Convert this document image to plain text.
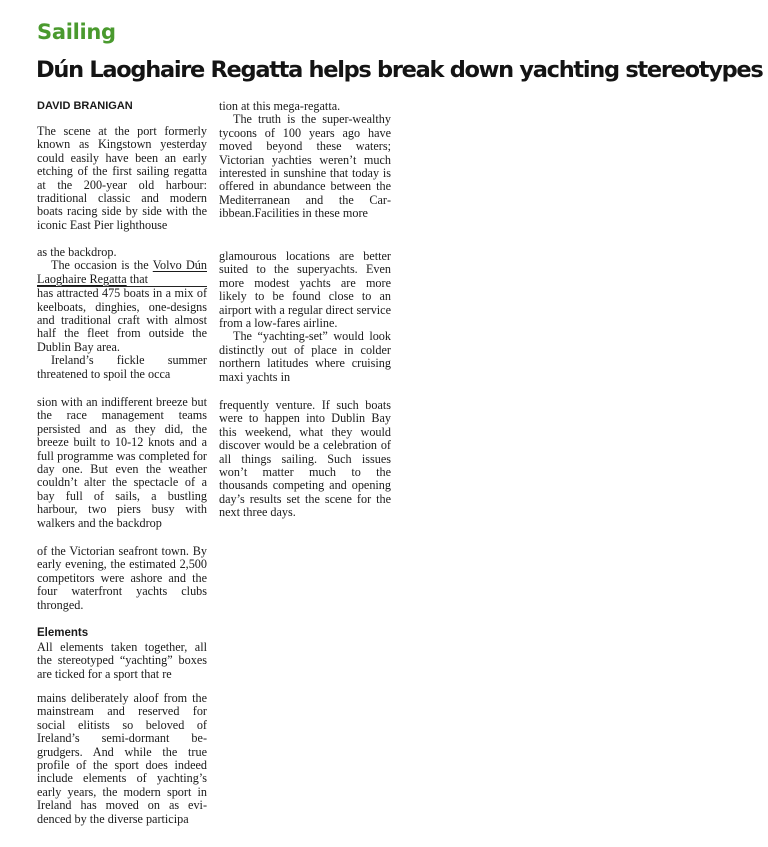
Sailing
Dún Laoghaire Regatta helps break down yachting stereotypes
DAVID BRANIGAN

The scene at the port formerly known as Kingstown yesterday could easily have been an early etching of the first sailing regatta at the 200-year old harbour: traditional classic and modern boats racing side by side with the iconic East Pier lighthouse

as the backdrop.

The occasion is the Volvo Dún Laoghaire Regatta that

has attracted 475 boats in a mix of keelboats, dinghies, one-designs and traditional craft with almost half the fleet from outside the Dublin Bay area.

Ireland’s fickle summer threatened to spoil the occa

sion with an indifferent breeze but the race management teams persisted and as they did, the breeze built to 10-12 knots and a full programme was completed for day one. But even the weather couldn’t alter the spectacle of a bay full of sails, a bustling harbour, two piers busy with walkers and the backdrop

of the Victorian seafront town. By early evening, the estimated 2,500 competitors were ashore and the four waterfront yachts clubs thronged.

Elements

All elements taken together, all the stereotyped “yachting” boxes are ticked for a sport that re

mains deliberately aloof from the mainstream and reserved for social elitists so beloved of Ireland’s semi-dormant begrudgers. And while the true profile of the sport does indeed include elements of yachting’s early years, the modern sport in Ireland has moved on as evidenced by the diverse participa

tion at this mega-regatta.

The truth is the super-wealthy tycoons of 100 years ago have moved beyond these waters; Victorian yachties weren’t much interested in sunshine that today is offered in abundance between the Mediterranean and the Caribbean.Facilities in these more

glamourous locations are better suited to the superyachts. Even more modest yachts are more likely to be found close to an airport with a regular direct service from a low-fares airline.

The “yachting-set” would look distinctly out of place in colder northern latitudes where cruising maxi yachts in

frequently venture. If such boats were to happen into Dublin Bay this weekend, what they would discover would be a celebration of all things sailing. Such issues won’t matter much to the thousands competing and opening day’s results set the scene for the next three days.
